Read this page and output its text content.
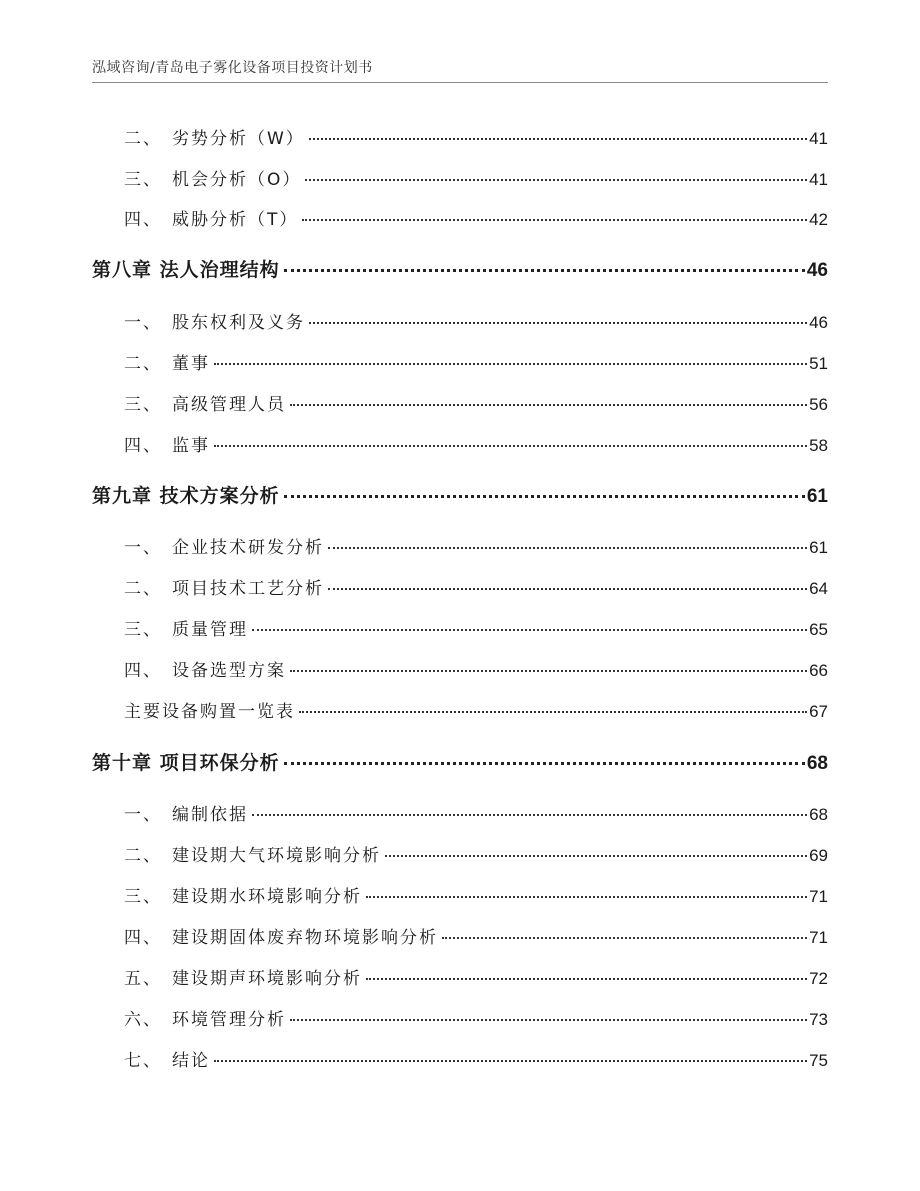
泓域咨询/青岛电子雾化设备项目投资计划书
二、 劣势分析（W）	41
三、 机会分析（O）	41
四、 威胁分析（T）	42
第八章 法人治理结构	46
一、 股东权利及义务	46
二、 董事	51
三、 高级管理人员	56
四、 监事	58
第九章 技术方案分析	61
一、 企业技术研发分析	61
二、 项目技术工艺分析	64
三、 质量管理	65
四、 设备选型方案	66
主要设备购置一览表	67
第十章 项目环保分析	68
一、 编制依据	68
二、 建设期大气环境影响分析	69
三、 建设期水环境影响分析	71
四、 建设期固体废弃物环境影响分析	71
五、 建设期声环境影响分析	72
六、 环境管理分析	73
七、 结论	75
